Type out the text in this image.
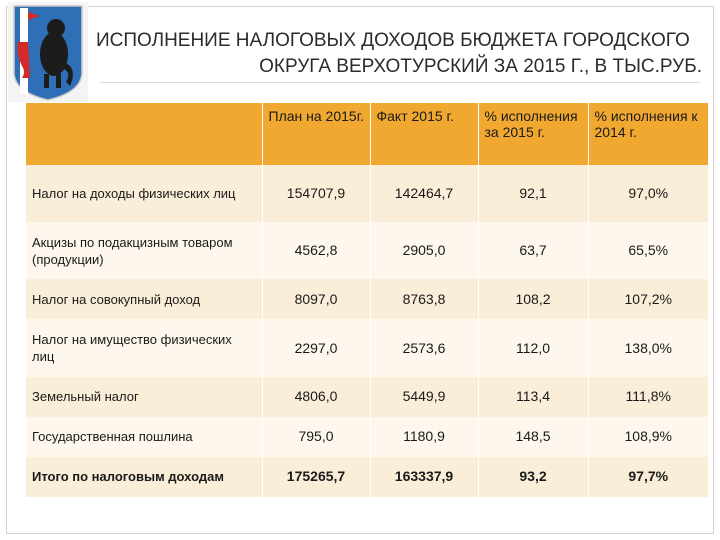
ИСПОЛНЕНИЕ НАЛОГОВЫХ ДОХОДОВ БЮДЖЕТА ГОРОДСКОГО
ОКРУГА ВЕРХОТУРСКИЙ ЗА 2015 Г., В ТЫС.РУБ.
	План на 2015г.	Факт 2015 г.	% исполнения за 2015 г.	% исполнения к 2014 г.
Налог на доходы физических лиц	154707,9	142464,7	92,1	97,0%
Акцизы по подакцизным товаром (продукции)	4562,8	2905,0	63,7	65,5%
Налог на совокупный доход	8097,0	8763,8	108,2	107,2%
Налог на имущество физических лиц	2297,0	2573,6	112,0	138,0%
Земельный налог	4806,0	5449,9	113,4	111,8%
Государственная пошлина	795,0	1180,9	148,5	108,9%
Итого по налоговым доходам	175265,7	163337,9	93,2	97,7%
